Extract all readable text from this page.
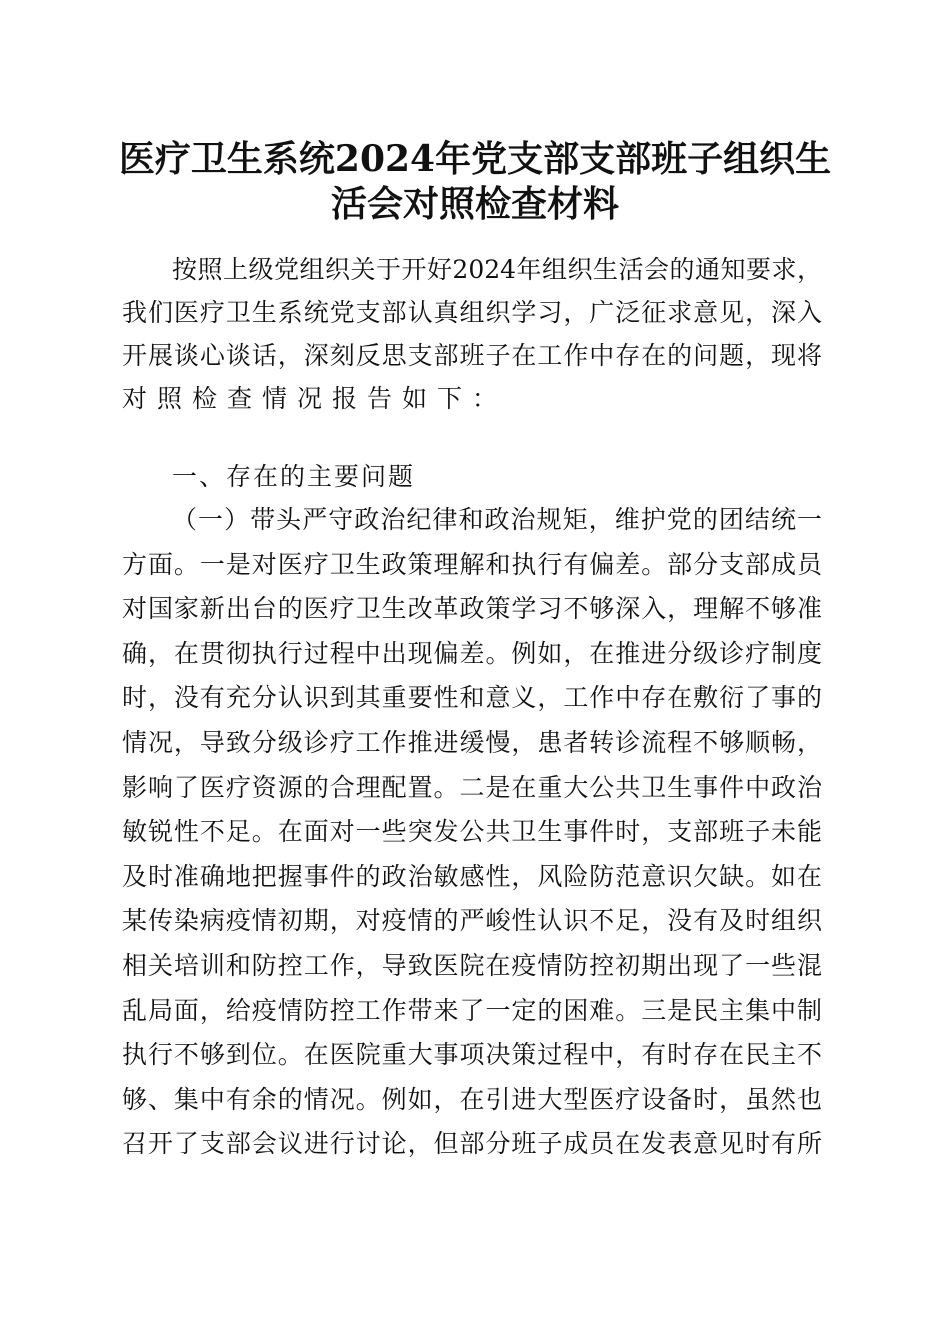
医疗卫生系统2024年党支部支部班子组织生
活会对照检查材料
按照上级党组织关于开好2024年组织生活会的通知要求，
我们医疗卫生系统党支部认真组织学习，广泛征求意见，深入
开展谈心谈话，深刻反思支部班子在工作中存在的问题，现将
对照检查情况报告如下：
一、存在的主要问题
（一）带头严守政治纪律和政治规矩，维护党的团结统一
方面。一是对医疗卫生政策理解和执行有偏差。部分支部成员
对国家新出台的医疗卫生改革政策学习不够深入，理解不够准
确，在贯彻执行过程中出现偏差。例如，在推进分级诊疗制度
时，没有充分认识到其重要性和意义，工作中存在敷衍了事的
情况，导致分级诊疗工作推进缓慢，患者转诊流程不够顺畅，
影响了医疗资源的合理配置。二是在重大公共卫生事件中政治
敏锐性不足。在面对一些突发公共卫生事件时，支部班子未能
及时准确地把握事件的政治敏感性，风险防范意识欠缺。如在
某传染病疫情初期，对疫情的严峻性认识不足，没有及时组织
相关培训和防控工作，导致医院在疫情防控初期出现了一些混
乱局面，给疫情防控工作带来了一定的困难。三是民主集中制
执行不够到位。在医院重大事项决策过程中，有时存在民主不
够、集中有余的情况。例如，在引进大型医疗设备时，虽然也
召开了支部会议进行讨论，但部分班子成员在发表意见时有所
